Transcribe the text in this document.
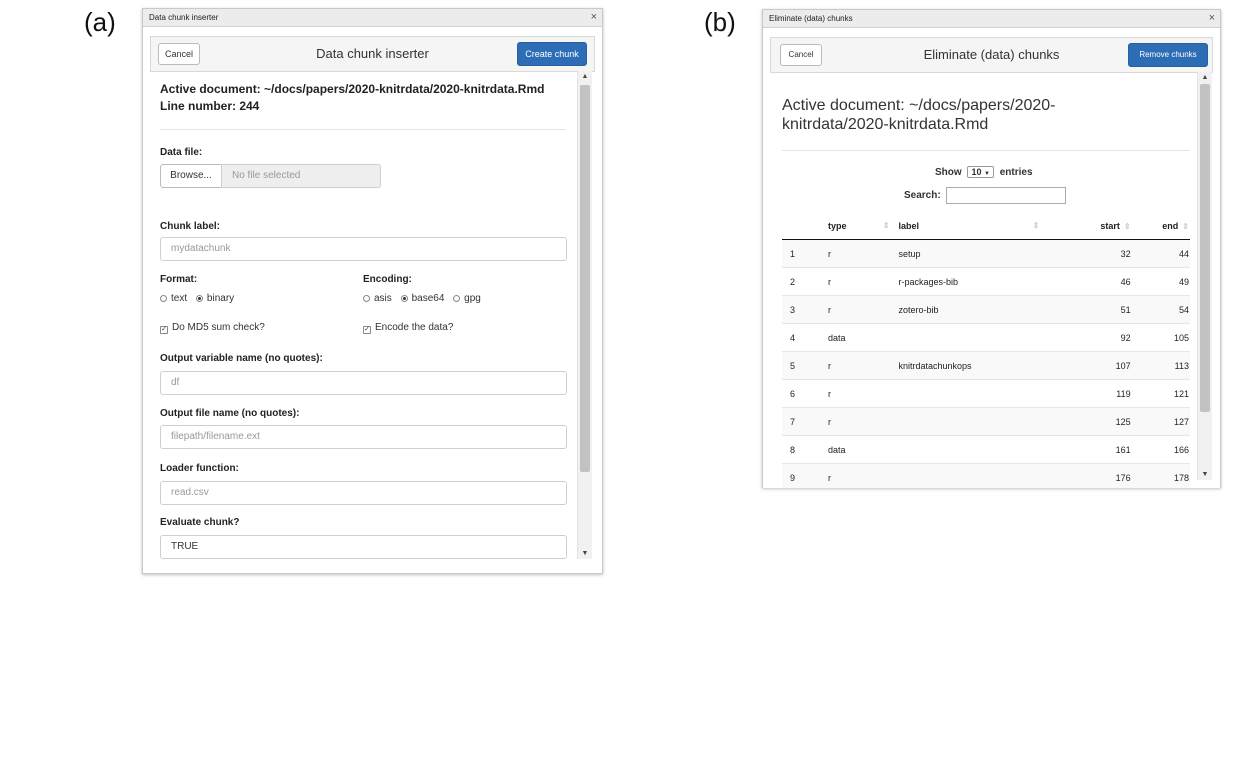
(a)	Data chunk inserter	×
Cancel	Data chunk inserter	Create chunk
Active document: ~/docs/papers/2020-knitrdata/2020-knitrdata.Rmd
Line number: 244
Data file:
Browse...	No file selected
Chunk label:
mydatachunk
Format:
text binary
Encoding:
asis base64 gpg
✓ Do MD5 sum check?	✓ Encode the data?
Output variable name (no quotes):
df
Output file name (no quotes):
filepath/filename.ext
Loader function:
read.csv
Evaluate chunk?
TRUE
▲
▼
(b)	Eliminate (data) chunks	×
Cancel	Eliminate (data) chunks	Remove chunks
Active document: ~/docs/papers/2020-
knitrdata/2020-knitrdata.Rmd
Show 10 ▼ entries
Search:
	type ⇕	label ⇕	start ⇕	end ⇕
1	r	setup	32	44
2	r	r-packages-bib	46	49
3	r	zotero-bib	51	54
4	data		92	105
5	r	knitrdatachunkops	107	113
6	r		119	121
7	r		125	127
8	data		161	166
9	r		176	178
▲
▼
